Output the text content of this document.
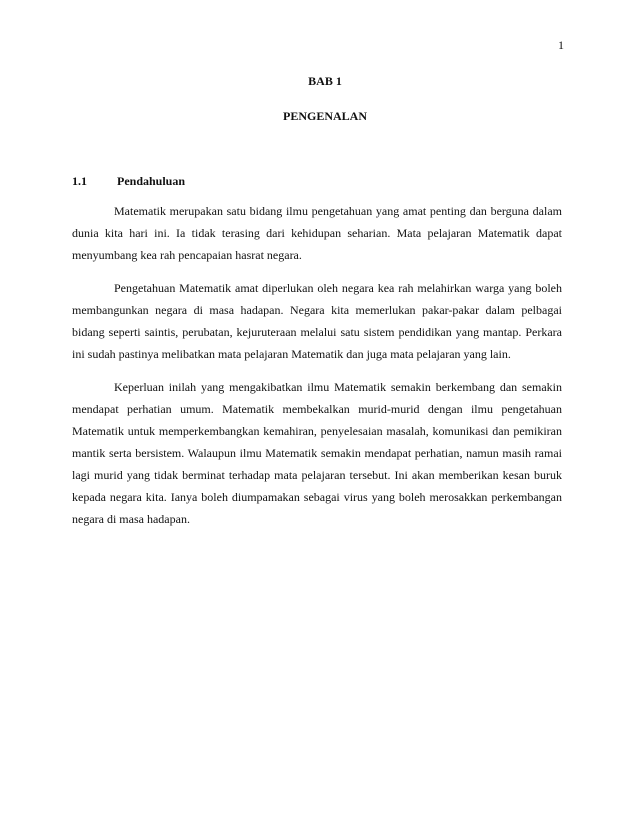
1
BAB 1
PENGENALAN
1.1	Pendahuluan

Matematik merupakan satu bidang ilmu pengetahuan yang amat penting dan berguna dalam dunia kita hari ini. Ia tidak terasing dari kehidupan seharian. Mata pelajaran Matematik dapat menyumbang kea rah pencapaian hasrat negara.

Pengetahuan Matematik amat diperlukan oleh negara kea rah melahirkan warga yang boleh membangunkan negara di masa hadapan. Negara kita memerlukan pakar-pakar dalam pelbagai bidang seperti saintis, perubatan, kejuruteraan melalui satu sistem pendidikan yang mantap. Perkara ini sudah pastinya melibatkan mata pelajaran Matematik dan juga mata pelajaran yang lain.

Keperluan inilah yang mengakibatkan ilmu Matematik semakin berkembang dan semakin mendapat perhatian umum. Matematik membekalkan murid-murid dengan ilmu pengetahuan Matematik untuk memperkembangkan kemahiran, penyelesaian masalah, komunikasi dan pemikiran mantik serta bersistem. Walaupun ilmu Matematik semakin mendapat perhatian, namun masih ramai lagi murid yang tidak berminat terhadap mata pelajaran tersebut. Ini akan memberikan kesan buruk kepada negara kita. Ianya boleh diumpamakan sebagai virus yang boleh merosakkan perkembangan negara di masa hadapan.
